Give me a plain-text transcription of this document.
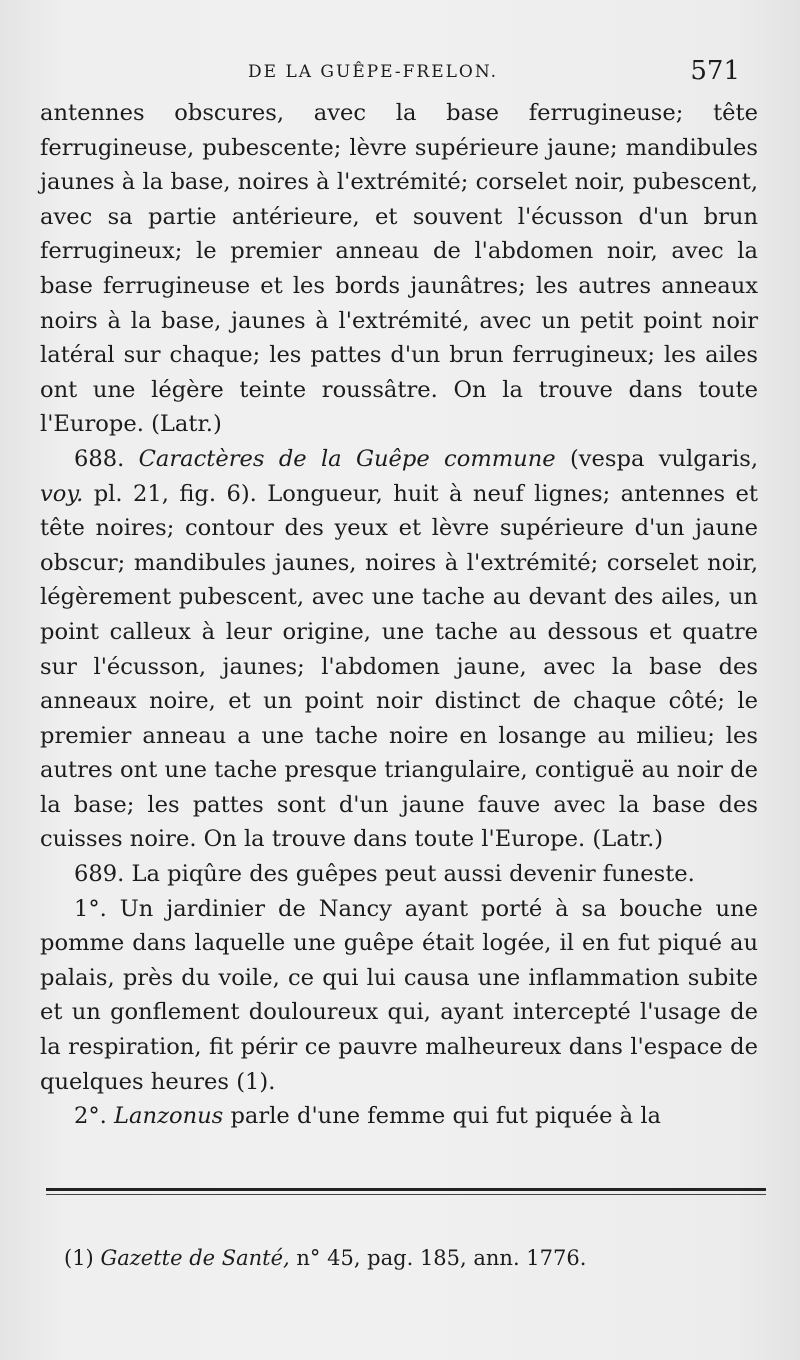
DE LA GUÊPE-FRELON.	571

antennes obscures, avec la base ferrugineuse; tête ferrugineuse, pubescente; lèvre supérieure jaune; mandibules jaunes à la base, noires à l'extrémité; corselet noir, pubescent, avec sa partie antérieure, et souvent l'écusson d'un brun ferrugineux; le premier anneau de l'abdomen noir, avec la base ferrugineuse et les bords jaunâtres; les autres anneaux noirs à la base, jaunes à l'extrémité, avec un petit point noir latéral sur chaque; les pattes d'un brun ferrugineux; les ailes ont une légère teinte roussâtre. On la trouve dans toute l'Europe. (Latr.)

688. Caractères de la Guêpe commune (vespa vulgaris, voy. pl. 21, fig. 6). Longueur, huit à neuf lignes; antennes et tête noires; contour des yeux et lèvre supérieure d'un jaune obscur; mandibules jaunes, noires à l'extrémité; corselet noir, légèrement pubescent, avec une tache au devant des ailes, un point calleux à leur origine, une tache au dessous et quatre sur l'écusson, jaunes; l'abdomen jaune, avec la base des anneaux noire, et un point noir distinct de chaque côté; le premier anneau a une tache noire en losange au milieu; les autres ont une tache presque triangulaire, contiguë au noir de la base; les pattes sont d'un jaune fauve avec la base des cuisses noire. On la trouve dans toute l'Europe. (Latr.)

689. La piqûre des guêpes peut aussi devenir funeste.

1°. Un jardinier de Nancy ayant porté à sa bouche une pomme dans laquelle une guêpe était logée, il en fut piqué au palais, près du voile, ce qui lui causa une inflammation subite et un gonflement douloureux qui, ayant intercepté l'usage de la respiration, fit périr ce pauvre malheureux dans l'espace de quelques heures (1).

2°. Lanzonus parle d'une femme qui fut piquée à la

(1) Gazette de Santé, n° 45, pag. 185, ann. 1776.
